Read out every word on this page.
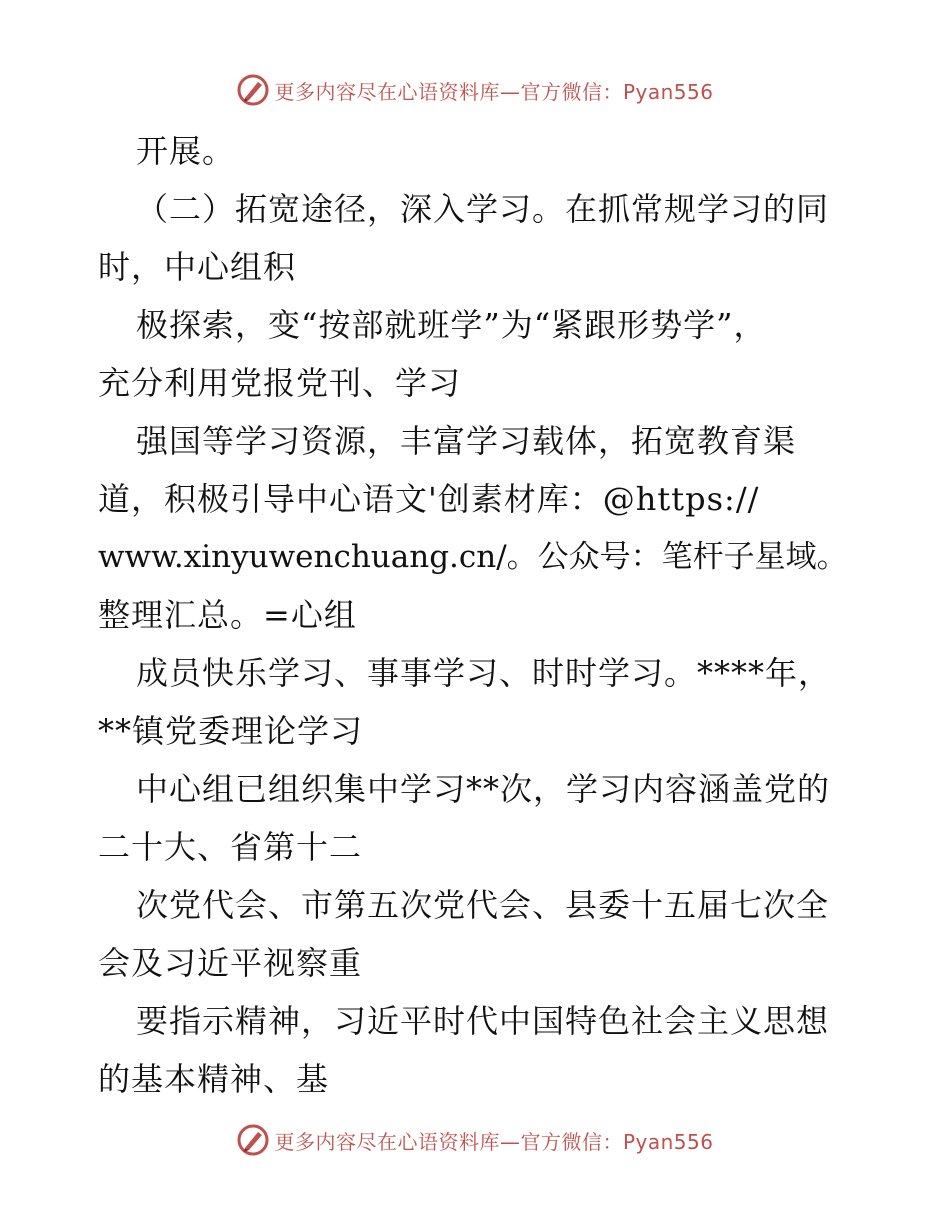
更多内容尽在心语资料库—官方微信：Pyan556
开展。
（二）拓宽途径，深入学习。在抓常规学习的同
时，中心组积
极探索，变“按部就班学”为“紧跟形势学”，
充分利用党报党刊、学习
强国等学习资源，丰富学习载体，拓宽教育渠
道，积极引导中心语文'创素材库：@https://
www.xinyuwenchuang.cn/。公众号：笔杆子星域。
整理汇总。=心组
成员快乐学习、事事学习、时时学习。****年，
**镇党委理论学习
中心组已组织集中学习**次，学习内容涵盖党的
二十大、省第十二
次党代会、市第五次党代会、县委十五届七次全
会及习近平视察重
要指示精神，习近平时代中国特色社会主义思想
的基本精神、基
更多内容尽在心语资料库—官方微信：Pyan556
